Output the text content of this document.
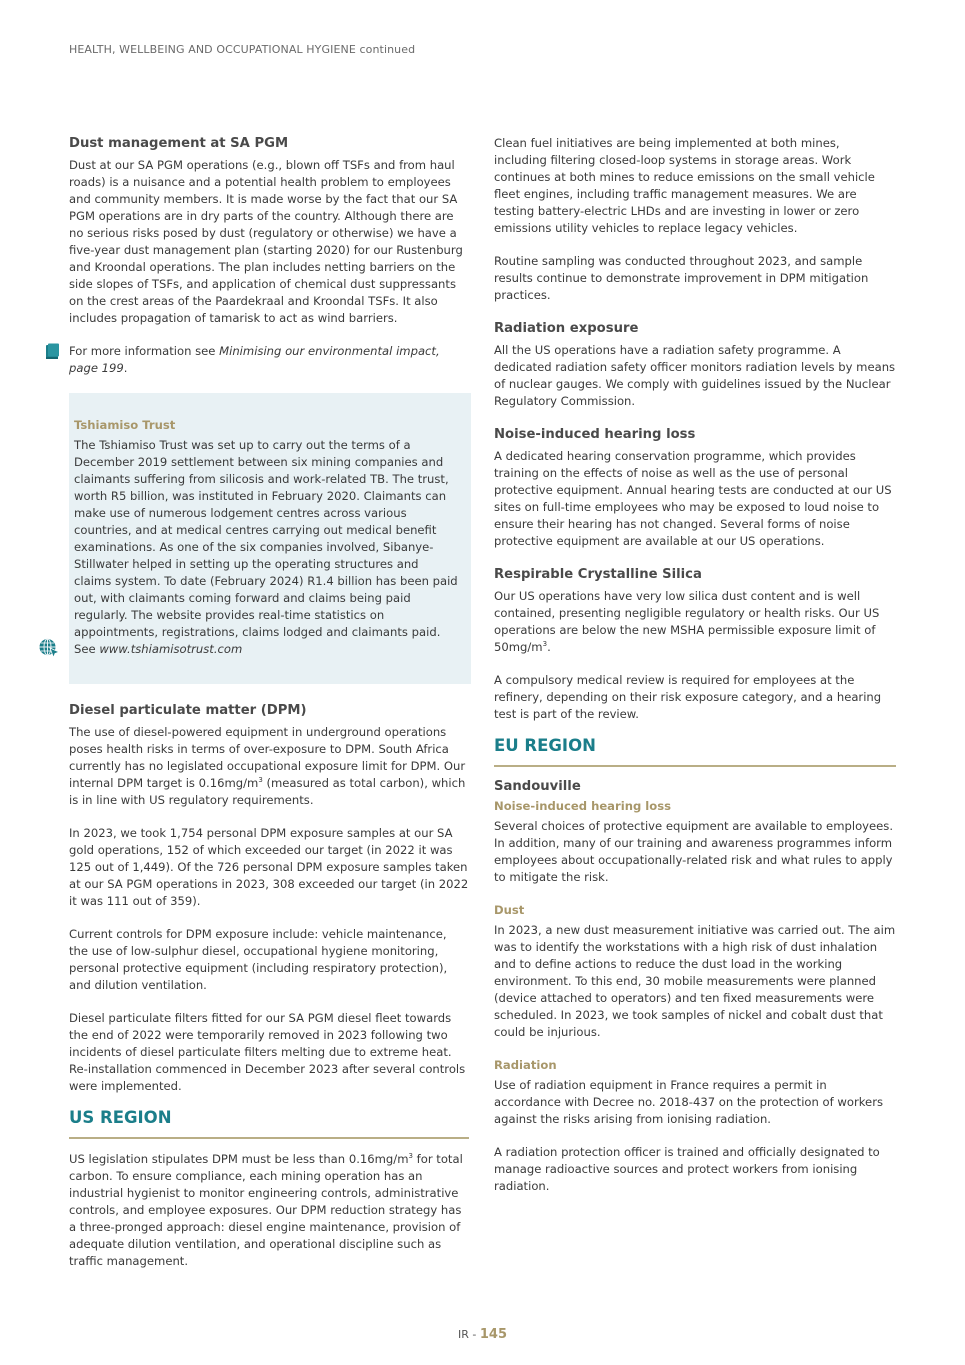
HEALTH, WELLBEING AND OCCUPATIONAL HYGIENE continued
Dust management at SA PGM

Dust at our SA PGM operations (e.g., blown off TSFs and from haul roads) is a nuisance and a potential health problem to employees and community members. It is made worse by the fact that our SA PGM operations are in dry parts of the country. Although there are no serious risks posed by dust (regulatory or otherwise) we have a five-year dust management plan (starting 2020) for our Rustenburg and Kroondal operations. The plan includes netting barriers on the side slopes of TSFs, and application of chemical dust suppressants on the crest areas of the Paardekraal and Kroondal TSFs. It also includes propagation of tamarisk to act as wind barriers.

For more information see Minimising our environmental impact, page 199.

Tshiamiso Trust

The Tshiamiso Trust was set up to carry out the terms of a December 2019 settlement between six mining companies and claimants suffering from silicosis and work-related TB. The trust, worth R5 billion, was instituted in February 2020. Claimants can make use of numerous lodgement centres across various countries, and at medical centres carrying out medical benefit examinations. As one of the six companies involved, Sibanye-Stillwater helped in setting up the operating structures and claims system. To date (February 2024) R1.4 billion has been paid out, with claimants coming forward and claims being paid regularly. The website provides real-time statistics on appointments, registrations, claims lodged and claimants paid.

See www.tshiamisotrust.com

Diesel particulate matter (DPM)

The use of diesel-powered equipment in underground operations poses health risks in terms of over-exposure to DPM. South Africa currently has no legislated occupational exposure limit for DPM. Our internal DPM target is $0.16mg/m^3$ (measured as total carbon), which is in line with US regulatory requirements.

In 2023, we took 1,754 personal DPM exposure samples at our SA gold operations, 152 of which exceeded our target (in 2022 it was 125 out of 1,449). Of the 726 personal DPM exposure samples taken at our SA PGM operations in 2023, 308 exceeded our target (in 2022 it was 111 out of 359).

Current controls for DPM exposure include: vehicle maintenance, the use of low-sulphur diesel, occupational hygiene monitoring, personal protective equipment (including respiratory protection), and dilution ventilation.

Diesel particulate filters fitted for our SA PGM diesel fleet towards the end of 2022 were temporarily removed in 2023 following two incidents of diesel particulate filters melting due to extreme heat. Re-installation commenced in December 2023 after several controls were implemented.

US REGION

US legislation stipulates DPM must be less than $0.16mg/m^3$ for total carbon. To ensure compliance, each mining operation has an industrial hygienist to monitor engineering controls, administrative controls, and employee exposures. Our DPM reduction strategy has a three-pronged approach: diesel engine maintenance, provision of adequate dilution ventilation, and operational discipline such as traffic management.

Clean fuel initiatives are being implemented at both mines, including filtering closed-loop systems in storage areas. Work continues at both mines to reduce emissions on the small vehicle fleet engines, including traffic management measures. We are testing battery-electric LHDs and are investing in lower or zero emissions utility vehicles to replace legacy vehicles.

Routine sampling was conducted throughout 2023, and sample results continue to demonstrate improvement in DPM mitigation practices.

Radiation exposure

All the US operations have a radiation safety programme. A dedicated radiation safety officer monitors radiation levels by means of nuclear gauges. We comply with guidelines issued by the Nuclear Regulatory Commission.

Noise-induced hearing loss

A dedicated hearing conservation programme, which provides training on the effects of noise as well as the use of personal protective equipment. Annual hearing tests are conducted at our US sites on full-time employees who may be exposed to loud noise to ensure their hearing has not changed. Several forms of noise protective equipment are available at our US operations.

Respirable Crystalline Silica

Our US operations have very low silica dust content and is well contained, presenting negligible regulatory or health risks. Our US operations are below the new MSHA permissible exposure limit of $50mg/m^3$.

A compulsory medical review is required for employees at the refinery, depending on their risk exposure category, and a hearing test is part of the review.

EU REGION
Sandouville
Noise-induced hearing loss

Several choices of protective equipment are available to employees. In addition, many of our training and awareness programmes inform employees about occupationally-related risk and what rules to apply to mitigate the risk.

Dust

In 2023, a new dust measurement initiative was carried out. The aim was to identify the workstations with a high risk of dust inhalation and to define actions to reduce the dust load in the working environment. To this end, 30 mobile measurements were planned (device attached to operators) and ten fixed measurements were scheduled. In 2023, we took samples of nickel and cobalt dust that could be injurious.

Radiation

Use of radiation equipment in France requires a permit in accordance with Decree no. 2018-437 on the protection of workers against the risks arising from ionising radiation.

A radiation protection officer is trained and officially designated to manage radioactive sources and protect workers from ionising radiation.

IR - 145
